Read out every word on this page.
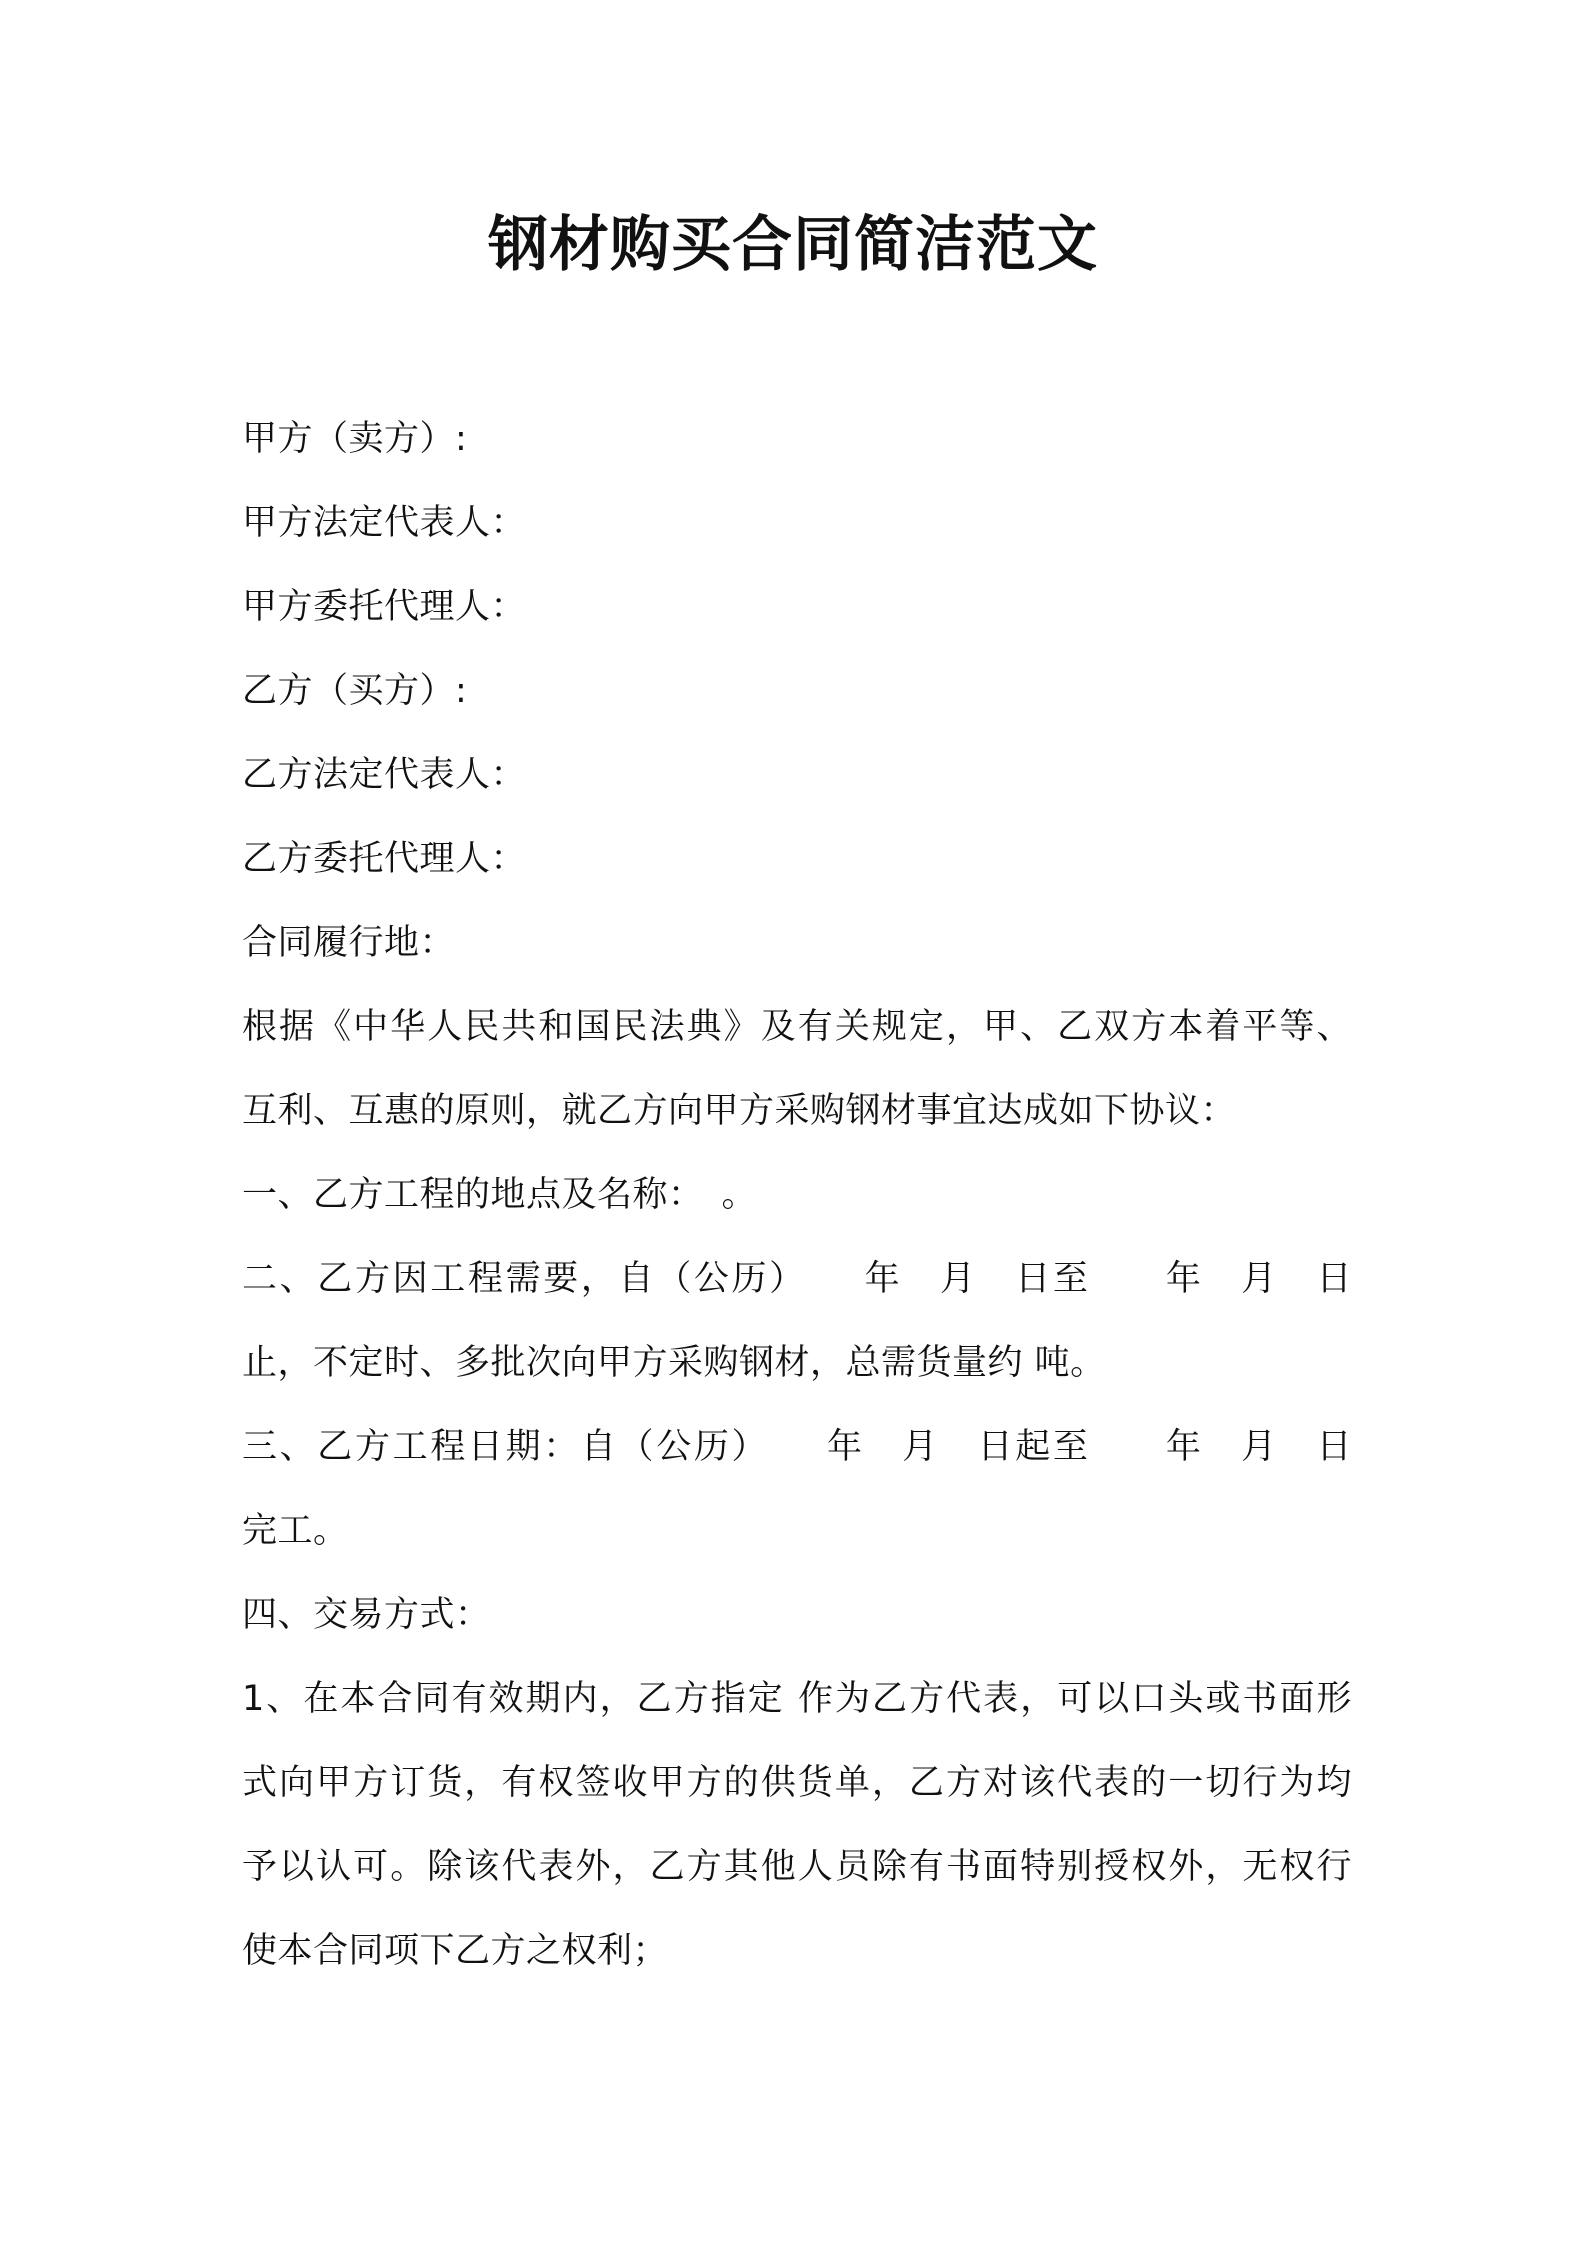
钢材购买合同简洁范文

甲方（卖方）:

甲方法定代表人：

甲方委托代理人：

乙方（买方）:

乙方法定代表人：

乙方委托代理人：

合同履行地：

根据《中华人民共和国民法典》及有关规定，甲、乙双方本着平等、

互利、互惠的原则，就乙方向甲方采购钢材事宜达成如下协议：

一、乙方工程的地点及名称：　。

二、乙方因工程需要，自（公历）　　年　月　日至　　年　月　日

止，不定时、多批次向甲方采购钢材，总需货量约 吨。

三、乙方工程日期：自（公历）　　年　月　日起至　　年　月　日

完工。

四、交易方式：

1、在本合同有效期内，乙方指定 作为乙方代表，可以口头或书面形

式向甲方订货，有权签收甲方的供货单，乙方对该代表的一切行为均

予以认可。除该代表外，乙方其他人员除有书面特别授权外，无权行

使本合同项下乙方之权利；
